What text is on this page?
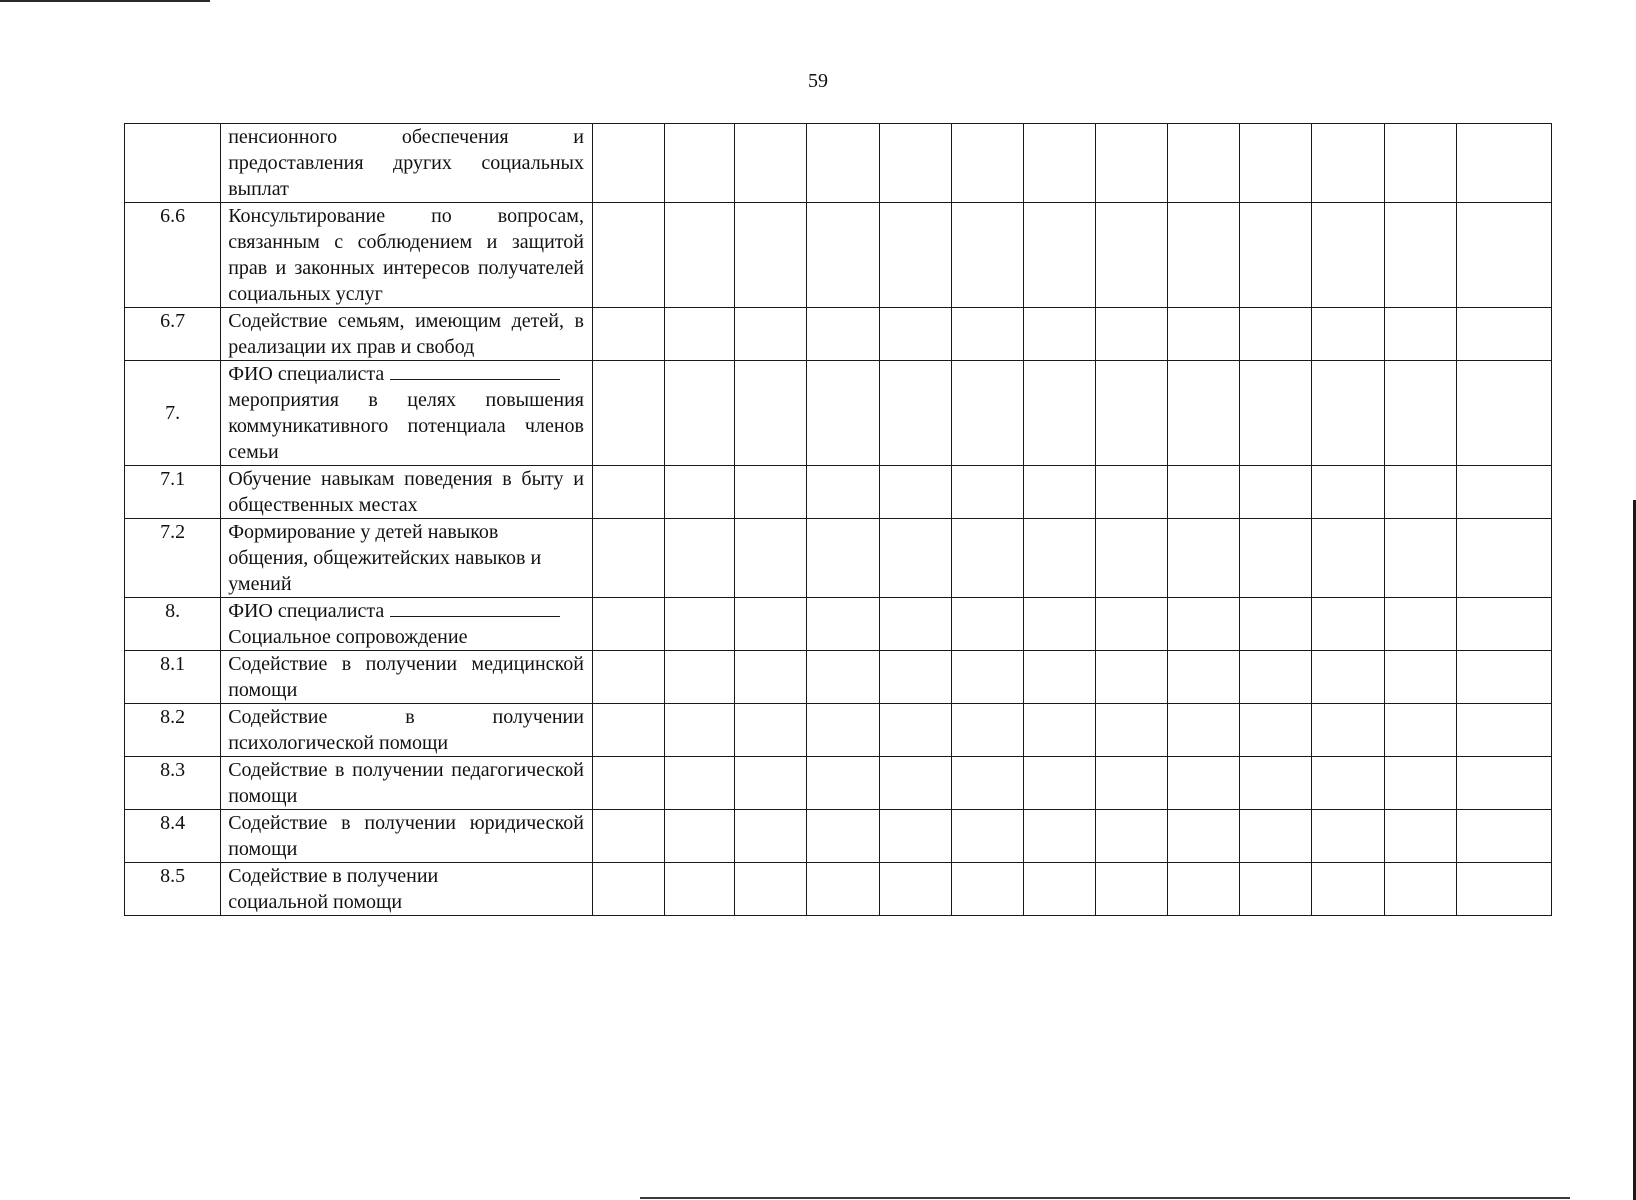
59

	пенсионного обеспечения и предоставления других социальных выплат													

6.6	Консультирование по вопросам, связанным с соблюдением и защитой прав и законных интересов получателей социальных услуг													

6.7	Содействие семьям, имеющим детей, в реализации их прав и свобод													

7.	ФИО специалиста
мероприятия в целях повышения коммуникативного потенциала членов семьи													

7.1	Обучение навыкам поведения в быту и общественных местах													

7.2	Формирование у детей навыков
общения, общежитейских навыков и
умений													

8.	ФИО специалиста
Социальное сопровождение													

8.1	Содействие в получении медицинской помощи													

8.2	Содействие в получении психологической помощи													

8.3	Содействие в получении педагогической помощи													

8.4	Содействие в получении юридической помощи													

8.5	Содействие в получении
социальной помощи													
